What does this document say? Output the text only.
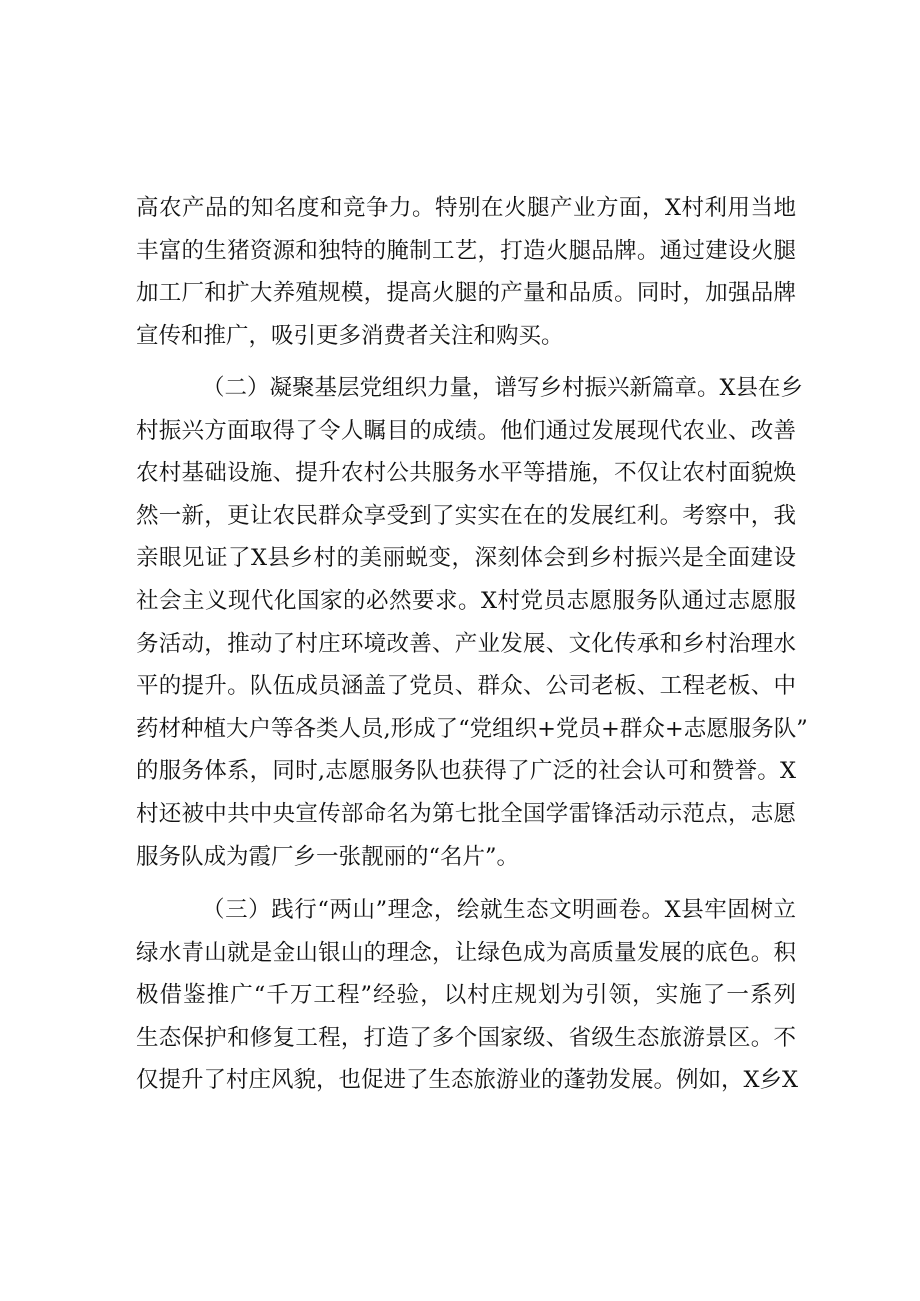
高农产品的知名度和竞争力。特别在火腿产业方面，X村利用当地
丰富的生猪资源和独特的腌制工艺，打造火腿品牌。通过建设火腿
加工厂和扩大养殖规模，提高火腿的产量和品质。同时，加强品牌
宣传和推广，吸引更多消费者关注和购买。
（二）凝聚基层党组织力量，谱写乡村振兴新篇章。X县在乡
村振兴方面取得了令人瞩目的成绩。他们通过发展现代农业、改善
农村基础设施、提升农村公共服务水平等措施，不仅让农村面貌焕
然一新，更让农民群众享受到了实实在在的发展红利。考察中，我
亲眼见证了X县乡村的美丽蜕变，深刻体会到乡村振兴是全面建设
社会主义现代化国家的必然要求。X村党员志愿服务队通过志愿服
务活动，推动了村庄环境改善、产业发展、文化传承和乡村治理水
平的提升。队伍成员涵盖了党员、群众、公司老板、工程老板、中
药材种植大户等各类人员,形成了“党组织+党员+群众+志愿服务队”
的服务体系，同时,志愿服务队也获得了广泛的社会认可和赞誉。X
村还被中共中央宣传部命名为第七批全国学雷锋活动示范点，志愿
服务队成为霞厂乡一张靓丽的“名片”。
（三）践行“两山”理念，绘就生态文明画卷。X县牢固树立
绿水青山就是金山银山的理念，让绿色成为高质量发展的底色。积
极借鉴推广“千万工程”经验，以村庄规划为引领，实施了一系列
生态保护和修复工程，打造了多个国家级、省级生态旅游景区。不
仅提升了村庄风貌，也促进了生态旅游业的蓬勃发展。例如，X乡X
